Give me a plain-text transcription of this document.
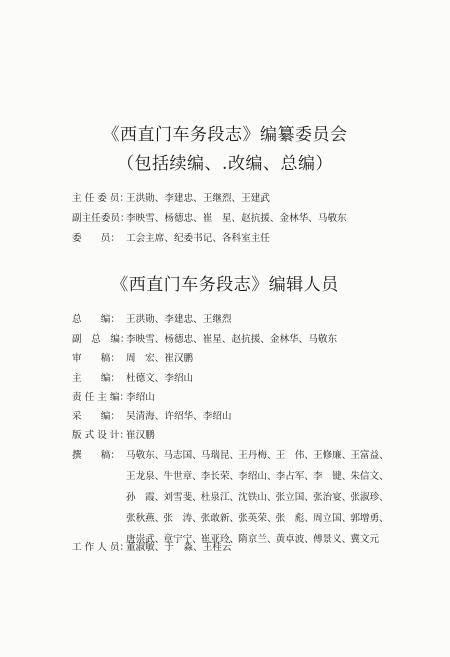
《西直门车务段志》编纂委员会
（包括续编、.改编、总编）
主 任 委 员：
王洪勋、李建忠、王继烈、王建武
副主任委员：
李映雪、杨德忠、崔　星、赵抗援、金林华、马敬东
委　　员： 工会主席、纪委书记、各科室主任
《西直门车务段志》编辑人员
总　　编： 王洪勋、李建忠、王继烈
副　总　编：
李映雪、杨德忠、崔星、赵抗援、金林华、马敬东
审　　稿： 周　宏、崔汉鹏
主　　编： 杜德文、李绍山
责 任 主 编：
李绍山
采　　编： 吴清海、许绍华、李绍山
版 式 设 计：
崔汉鹏
撰　　稿： 马敬东、 马志国、 马瑞昆、 王丹梅、 王　伟、 王修廉、 王富益、
王龙泉、 牛世章、 李长荣、 李绍山、 李占军、 李　键、 朱信文、
孙　霞、 刘雪斐、 杜泉江、 沈铁山、 张立国、 张治宴、 张淑珍、
张秋燕、 张　涛、 张敢新、 张英荣、 张　彪、 周立国、 郭增勇、
唐崇武、 章宁宁、 崔亚玲、 隋京兰、 黄卓波、 傅景义、 冀文元
工 作 人 员：
董淑敏、于　淼、王桂云
